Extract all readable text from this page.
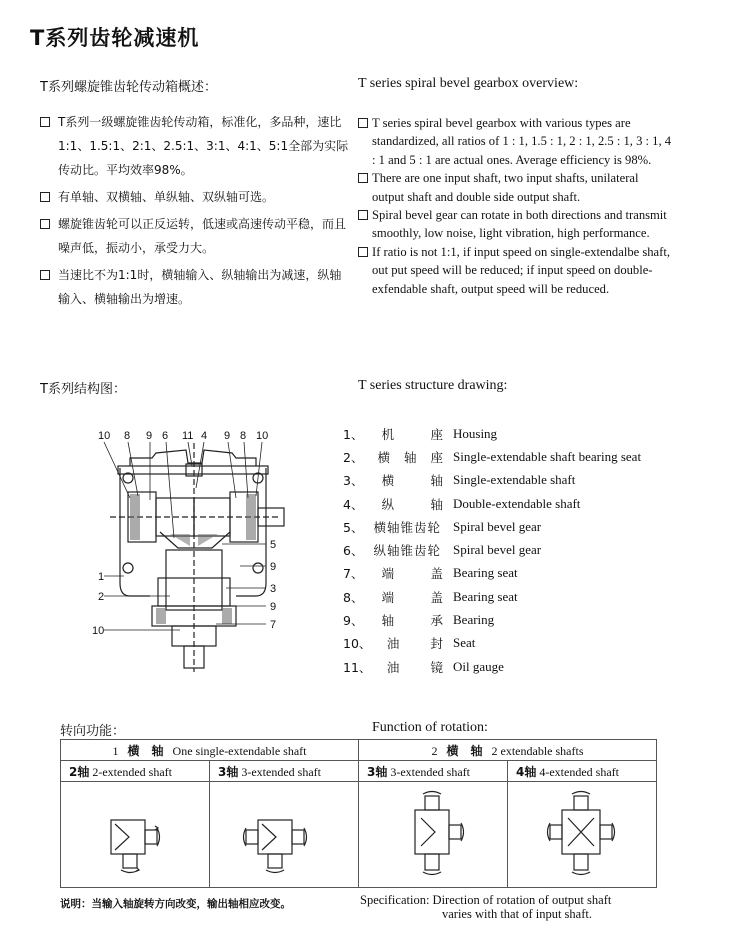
T系列齿轮减速机
T系列螺旋锥齿轮传动箱概述：	T series spiral bevel gearbox overview:
T系列一级螺旋锥齿轮传动箱，标准化，多品种，速比1:1、1.5:1、2:1、2.5:1、3:1、4:1、5:1全部为实际传动比。平均效率98%。
有单轴、双横轴、单纵轴、双纵轴可选。
螺旋锥齿轮可以正反运转，低速或高速传动平稳，而且噪声低，振动小，承受力大。
当速比不为1:1时，横轴输入、纵轴输出为减速，纵轴输入、横轴输出为增速。
T series spiral bevel gearbox with various types are standardized, all ratios of 1 : 1, 1.5 : 1, 2 : 1, 2.5 : 1, 3 : 1, 4 : 1 and 5 : 1 are actual ones. Average efficiency is 98%.
There are one input shaft, two input shafts, unilateral output shaft and double side output shaft.
Spiral bevel gear can rotate in both directions and transmit smoothly, low noise, light vibration, high performance.
If ratio is not 1:1, if input speed on single-extendalbe shaft, out put speed will be reduced; if input speed on double-exfendable shaft, output speed will be reduced.
T系列结构图：	T series structure drawing:
10 8 9 6 11 4 9 8 10
1
2
10
5
9
3
9
7
1、 机	座 Housing
2、 横 轴 座 Single-extendable shaft bearing seat
3、 横	轴 Single-extendable shaft
4、 纵	轴 Double-extendable shaft
5、 横轴锥齿轮 Spiral bevel gear
6、 纵轴锥齿轮 Spiral bevel gear
7、 端	盖 Bearing seat
8、 端	盖 Bearing seat
9、 轴	承 Bearing
10、 油 封 Seat
11、 油 镜 Oil gauge
转向功能：	Function of rotation:
1 横　轴 One single-extendable shaft		2 横　轴 2 extendable shafts	
2轴 2-extended shaft	3轴 3-extended shaft	3轴 3-extended shaft	4轴 4-extended shaft

说明：当输入轴旋转方向改变，输出轴相应改变。	Specification: Direction of rotation of output shaft
varies with that of input shaft.
